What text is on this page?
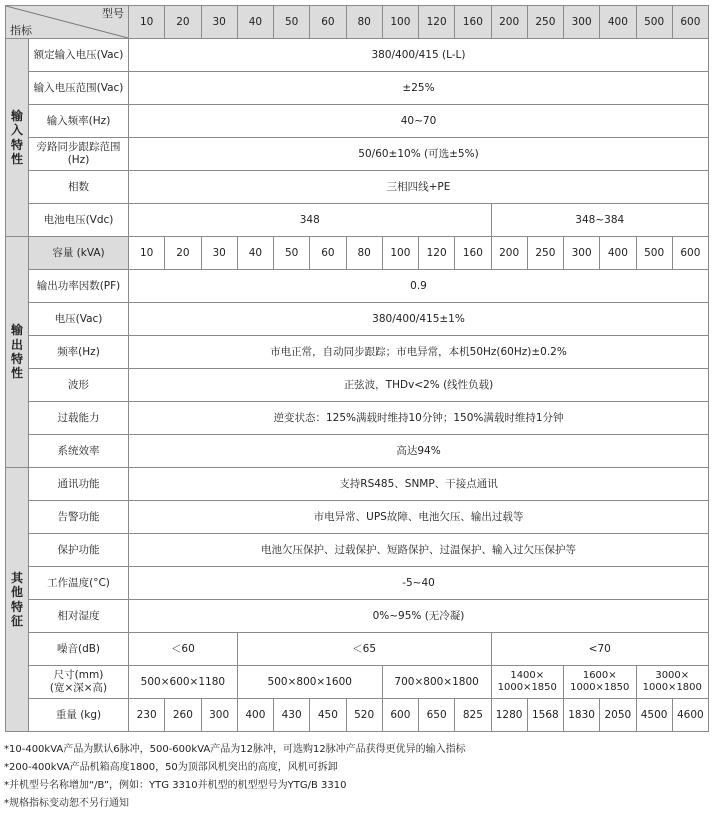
型号
指标		10	20	30	40	50	60	80	100	120	160	200	250	300	400	500	600
输
入
特
性	额定输入电压(Vac)	380/400/415 (L-L)															
	输入电压范围(Vac)	±25%															
	输入频率(Hz)	40~70															
	旁路同步跟踪范围
(Hz)	50/60±10% (可选±5%)															
	相数	三相四线+PE															
	电池电压(Vdc)	348										348~384					
输
出
特
性	容量 (kVA)	10	20	30	40	50	60	80	100	120	160	200	250	300	400	500	600
	输出功率因数(PF)	0.9															
	电压(Vac)	380/400/415±1%															
	频率(Hz)	市电正常，自动同步跟踪；市电异常，本机50Hz(60Hz)±0.2%															
	波形	正弦波，THDv<2% (线性负载)															
	过载能力	逆变状态：125%满载时维持10分钟；150%满载时维持1分钟															
	系统效率	高达94%															
其
他
特
征	通讯功能	支持RS485、SNMP、干接点通讯															
	告警功能	市电异常、UPS故障、电池欠压、输出过载等															
	保护功能	电池欠压保护、过载保护、短路保护、过温保护、输入过欠压保护等															
	工作温度(°C)	-5~40															
	相对湿度	0%~95% (无冷凝)															
	噪音(dB)	＜60			＜65							<70					
	尺寸(mm)
(宽×深×高)	500×600×1180			500×800×1600				700×800×1800			1400×
1000×1850		1600×
1000×1850		3000×
1000×1800	
	重量 (kg)	230	260	300	400	430	450	520	600	650	825	1280	1568	1830	2050	4500	4600
*10-400kVA产品为默认6脉冲，500-600kVA产品为12脉冲，可选购12脉冲产品获得更优异的输入指标
*200-400kVA产品机箱高度1800，50为顶部风机突出的高度，风机可拆卸
*并机型号名称增加“/B”，例如：YTG 3310并机型的机型型号为YTG/B 3310
*规格指标变动恕不另行通知
